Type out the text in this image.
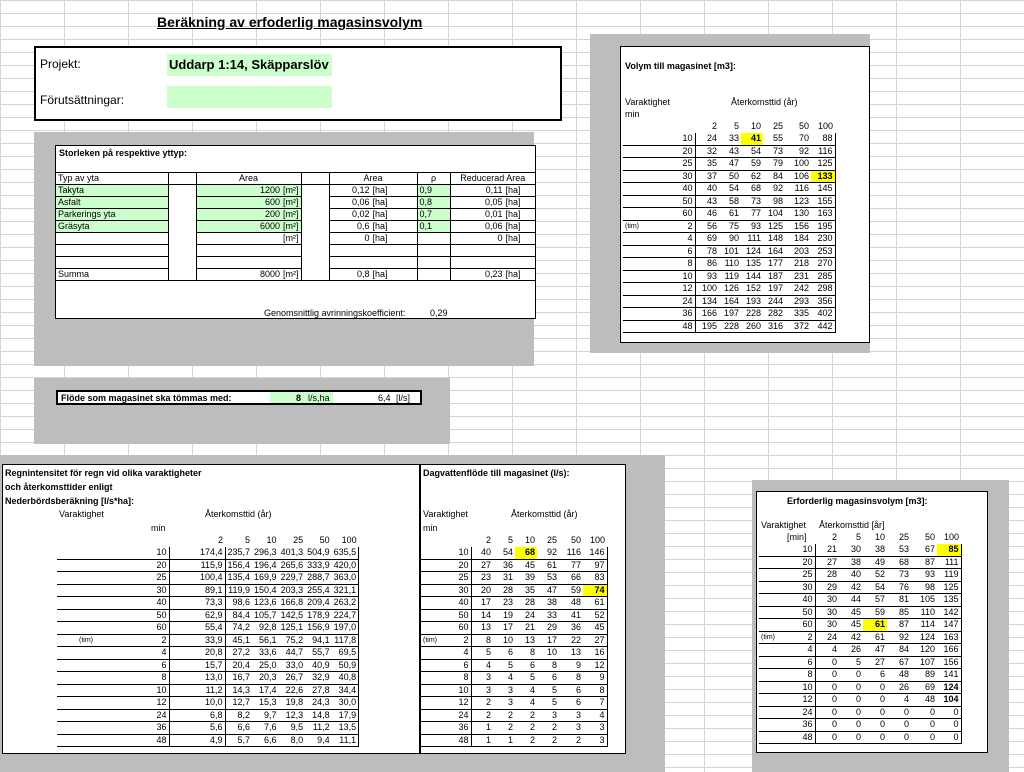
Beräkning av erfoderlig magasinsvolym
Projekt:	Uddarp 1:14, Skäpparslöv
Förutsättningar:
Storleken på respektive yttyp:
Typ av yta		Area		Area	ρ	Reducerad Area
Takyta		1200 [m²]		0,12 [ha]	0,9	0,11 [ha]
Asfalt		600 [m²]		0,06 [ha]	0,8	0,05 [ha]
Parkerings yta		200 [m²]		0,02 [ha]	0,7	0,01 [ha]
Gräsyta		6000 [m²]		0,6 [ha]	0,1	0,06 [ha]
		[m²]		0 [ha]		0 [ha]

Summa		8000 [m²]		0,8 [ha]		0,23 [ha]
Genomsnittlig avrinningskoefficient:	0,29
Flöde som magasinet ska tömmas med:	8 l/s,ha	6,4 [l/s]
Volym till magasinet [m3]:
Varaktighet
min
Återkomsttid (år)
	2	5	10	25	50	100
10	24	33	41	55	70	88
20	32	43	54	73	92	116
25	35	47	59	79	100	125
30	37	50	62	84	106	133
40	40	54	68	92	116	145
50	43	58	73	98	123	155
60	46	61	77	104	130	163

(tim) 2	56	75	93	125	156	195
4	69	90	111	148	184	230
6	78	101	124	164	203	253
8	86	110	135	177	218	270
10	93	119	144	187	231	285
12	100	126	152	197	242	298
24	134	164	193	244	293	356
36	166	197	228	282	335	402
48	195	228	260	316	372	442
Regnintensitet för regn vid olika varaktigheter
och återkomsttider enligt
Nederbördsberäkning [l/s*ha]:
Varaktighet
min
Återkomsttid (år)
	2	5	10	25	50	100
10	174,4	235,7	296,3	401,3	504,9	635,5
20	115,9	156,4	196,4	265,6	333,9	420,0
25	100,4	135,4	169,9	229,7	288,7	363,0
30	89,1	119,9	150,4	203,3	255,4	321,1
40	73,3	98,6	123,6	166,8	209,4	263,2
50	62,9	84,4	105,7	142,5	178,9	224,7
60	55,4	74,2	92,8	125,1	156,9	197,0

(tim) 2	33,9	45,1	56,1	75,2	94,1	117,8
4	20,8	27,2	33,6	44,7	55,7	69,5
6	15,7	20,4	25,0	33,0	40,9	50,9
8	13,0	16,7	20,3	26,7	32,9	40,8
10	11,2	14,3	17,4	22,6	27,8	34,4
12	10,0	12,7	15,3	19,8	24,3	30,0
24	6,8	8,2	9,7	12,3	14,8	17,9
36	5,6	6,6	7,6	9,5	11,2	13,5
48	4,9	5,7	6,6	8,0	9,4	11,1
Dagvattenflöde till magasinet (l/s):
Varaktighet
min
Återkomsttid (år)
	2	5	10	25	50	100
10	40	54	68	92	116	146
20	27	36	45	61	77	97
25	23	31	39	53	66	83
30	20	28	35	47	59	74
40	17	23	28	38	48	61
50	14	19	24	33	41	52
60	13	17	21	29	36	45

(tim) 2	8	10	13	17	22	27
4	5	6	8	10	13	16
6	4	5	6	8	9	12
8	3	4	5	6	8	9
10	3	3	4	5	6	8
12	2	3	4	5	6	7
24	2	2	2	3	3	4
36	1	2	2	2	3	3
48	1	1	2	2	2	3
Erforderlig magasinsvolym [m3]:
Varaktighet
[min]
Återkomsttid [år]
	2	5	10	25	50	100
10	21	30	38	53	67	85
20	27	38	49	68	87	111
25	28	40	52	73	93	119
30	29	42	54	76	98	125
40	30	44	57	81	105	135
50	30	45	59	85	110	142
60	30	45	61	87	114	147

(tim) 2	24	42	61	92	124	163
4	4	26	47	84	120	166
6	0	5	27	67	107	156
8	0	0	6	48	89	141
10	0	0	0	26	69	124
12	0	0	0	4	48	104
24	0	0	0	0	0	0
36	0	0	0	0	0	0
48	0	0	0	0	0	0
